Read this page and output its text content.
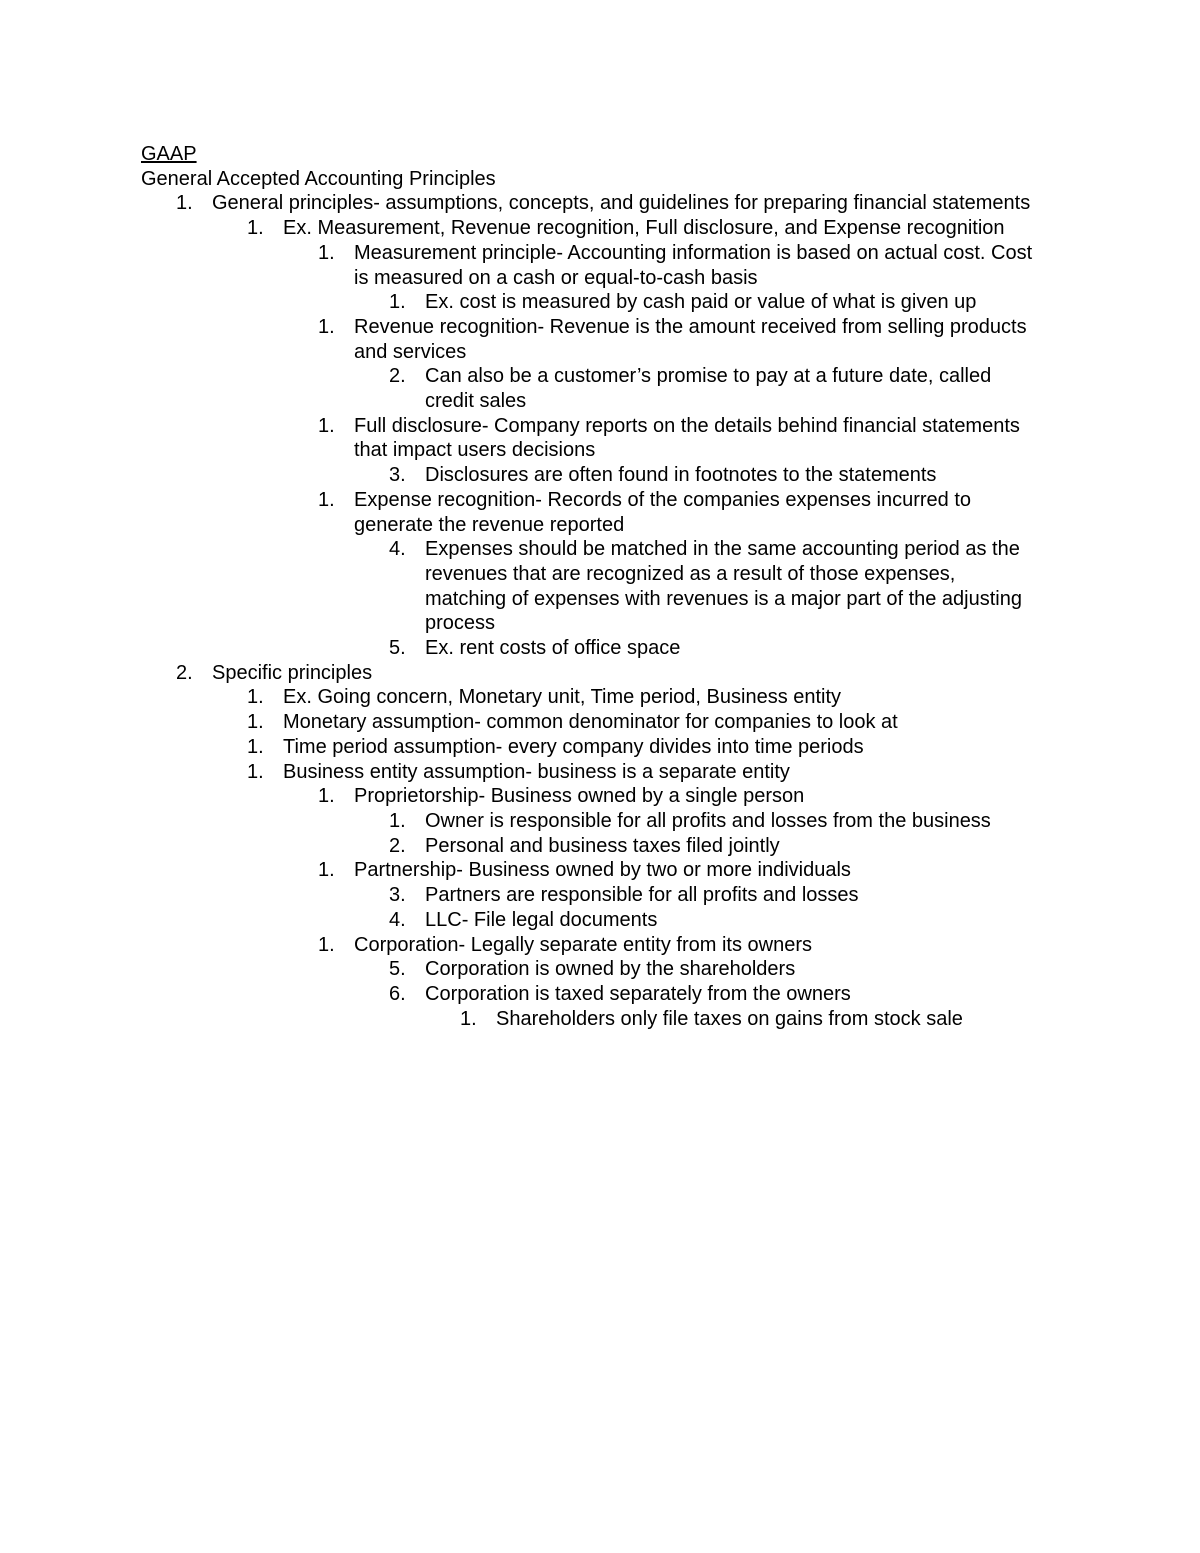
GAAP
General Accepted Accounting Principles
1. General principles- assumptions, concepts, and guidelines for preparing financial statements
1. Ex. Measurement, Revenue recognition, Full disclosure, and Expense recognition
1. Measurement principle- Accounting information is based on actual cost. Cost is measured on a cash or equal-to-cash basis
1. Ex. cost is measured by cash paid or value of what is given up
1. Revenue recognition- Revenue is the amount received from selling products and services
2. Can also be a customer’s promise to pay at a future date, called credit sales
1. Full disclosure- Company reports on the details behind financial statements that impact users decisions
3. Disclosures are often found in footnotes to the statements
1. Expense recognition- Records of the companies expenses incurred to generate the revenue reported
4. Expenses should be matched in the same accounting period as the revenues that are recognized as a result of those expenses, matching of expenses with revenues is a major part of the adjusting process
5. Ex. rent costs of office space
2. Specific principles
1. Ex. Going concern, Monetary unit, Time period, Business entity
1. Monetary assumption- common denominator for companies to look at
1. Time period assumption- every company divides into time periods
1. Business entity assumption- business is a separate entity
1. Proprietorship- Business owned by a single person
1. Owner is responsible for all profits and losses from the business
2. Personal and business taxes filed jointly
1. Partnership- Business owned by two or more individuals
3. Partners are responsible for all profits and losses
4. LLC- File legal documents
1. Corporation- Legally separate entity from its owners
5. Corporation is owned by the shareholders
6. Corporation is taxed separately from the owners
1. Shareholders only file taxes on gains from stock sale
